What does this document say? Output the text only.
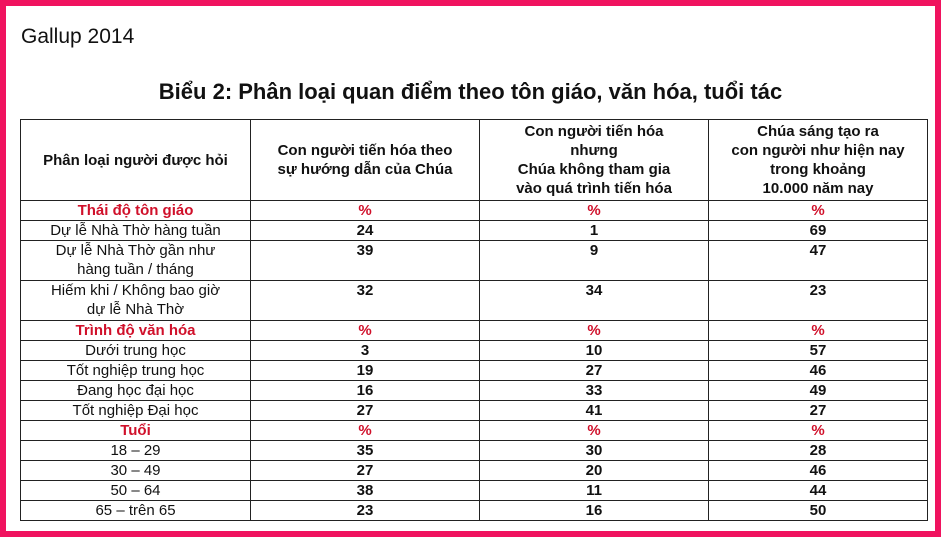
Gallup 2014
Biểu 2: Phân loại quan điểm theo tôn giáo, văn hóa, tuổi tác
Phân loại người được hỏi	Con người tiến hóa theo
sự hướng dẫn của Chúa	Con người tiến hóa
nhưng
Chúa không tham gia
vào quá trình tiến hóa	Chúa sáng tạo ra
con người như hiện nay
trong khoảng
10.000 năm nay
Thái độ tôn giáo	%	%	%
Dự lễ Nhà Thờ hàng tuần	24	1	69
Dự lễ Nhà Thờ gần như
hàng tuần / tháng	39	9	47
Hiếm khi / Không bao giờ
dự lễ Nhà Thờ	32	34	23
Trình độ văn hóa	%	%	%
Dưới trung học	3	10	57
Tốt nghiệp trung học	19	27	46
Đang học đại học	16	33	49
Tốt nghiệp Đại học	27	41	27
Tuổi	%	%	%
18 – 29	35	30	28
30 – 49	27	20	46
50 – 64	38	11	44
65 – trên 65	23	16	50
